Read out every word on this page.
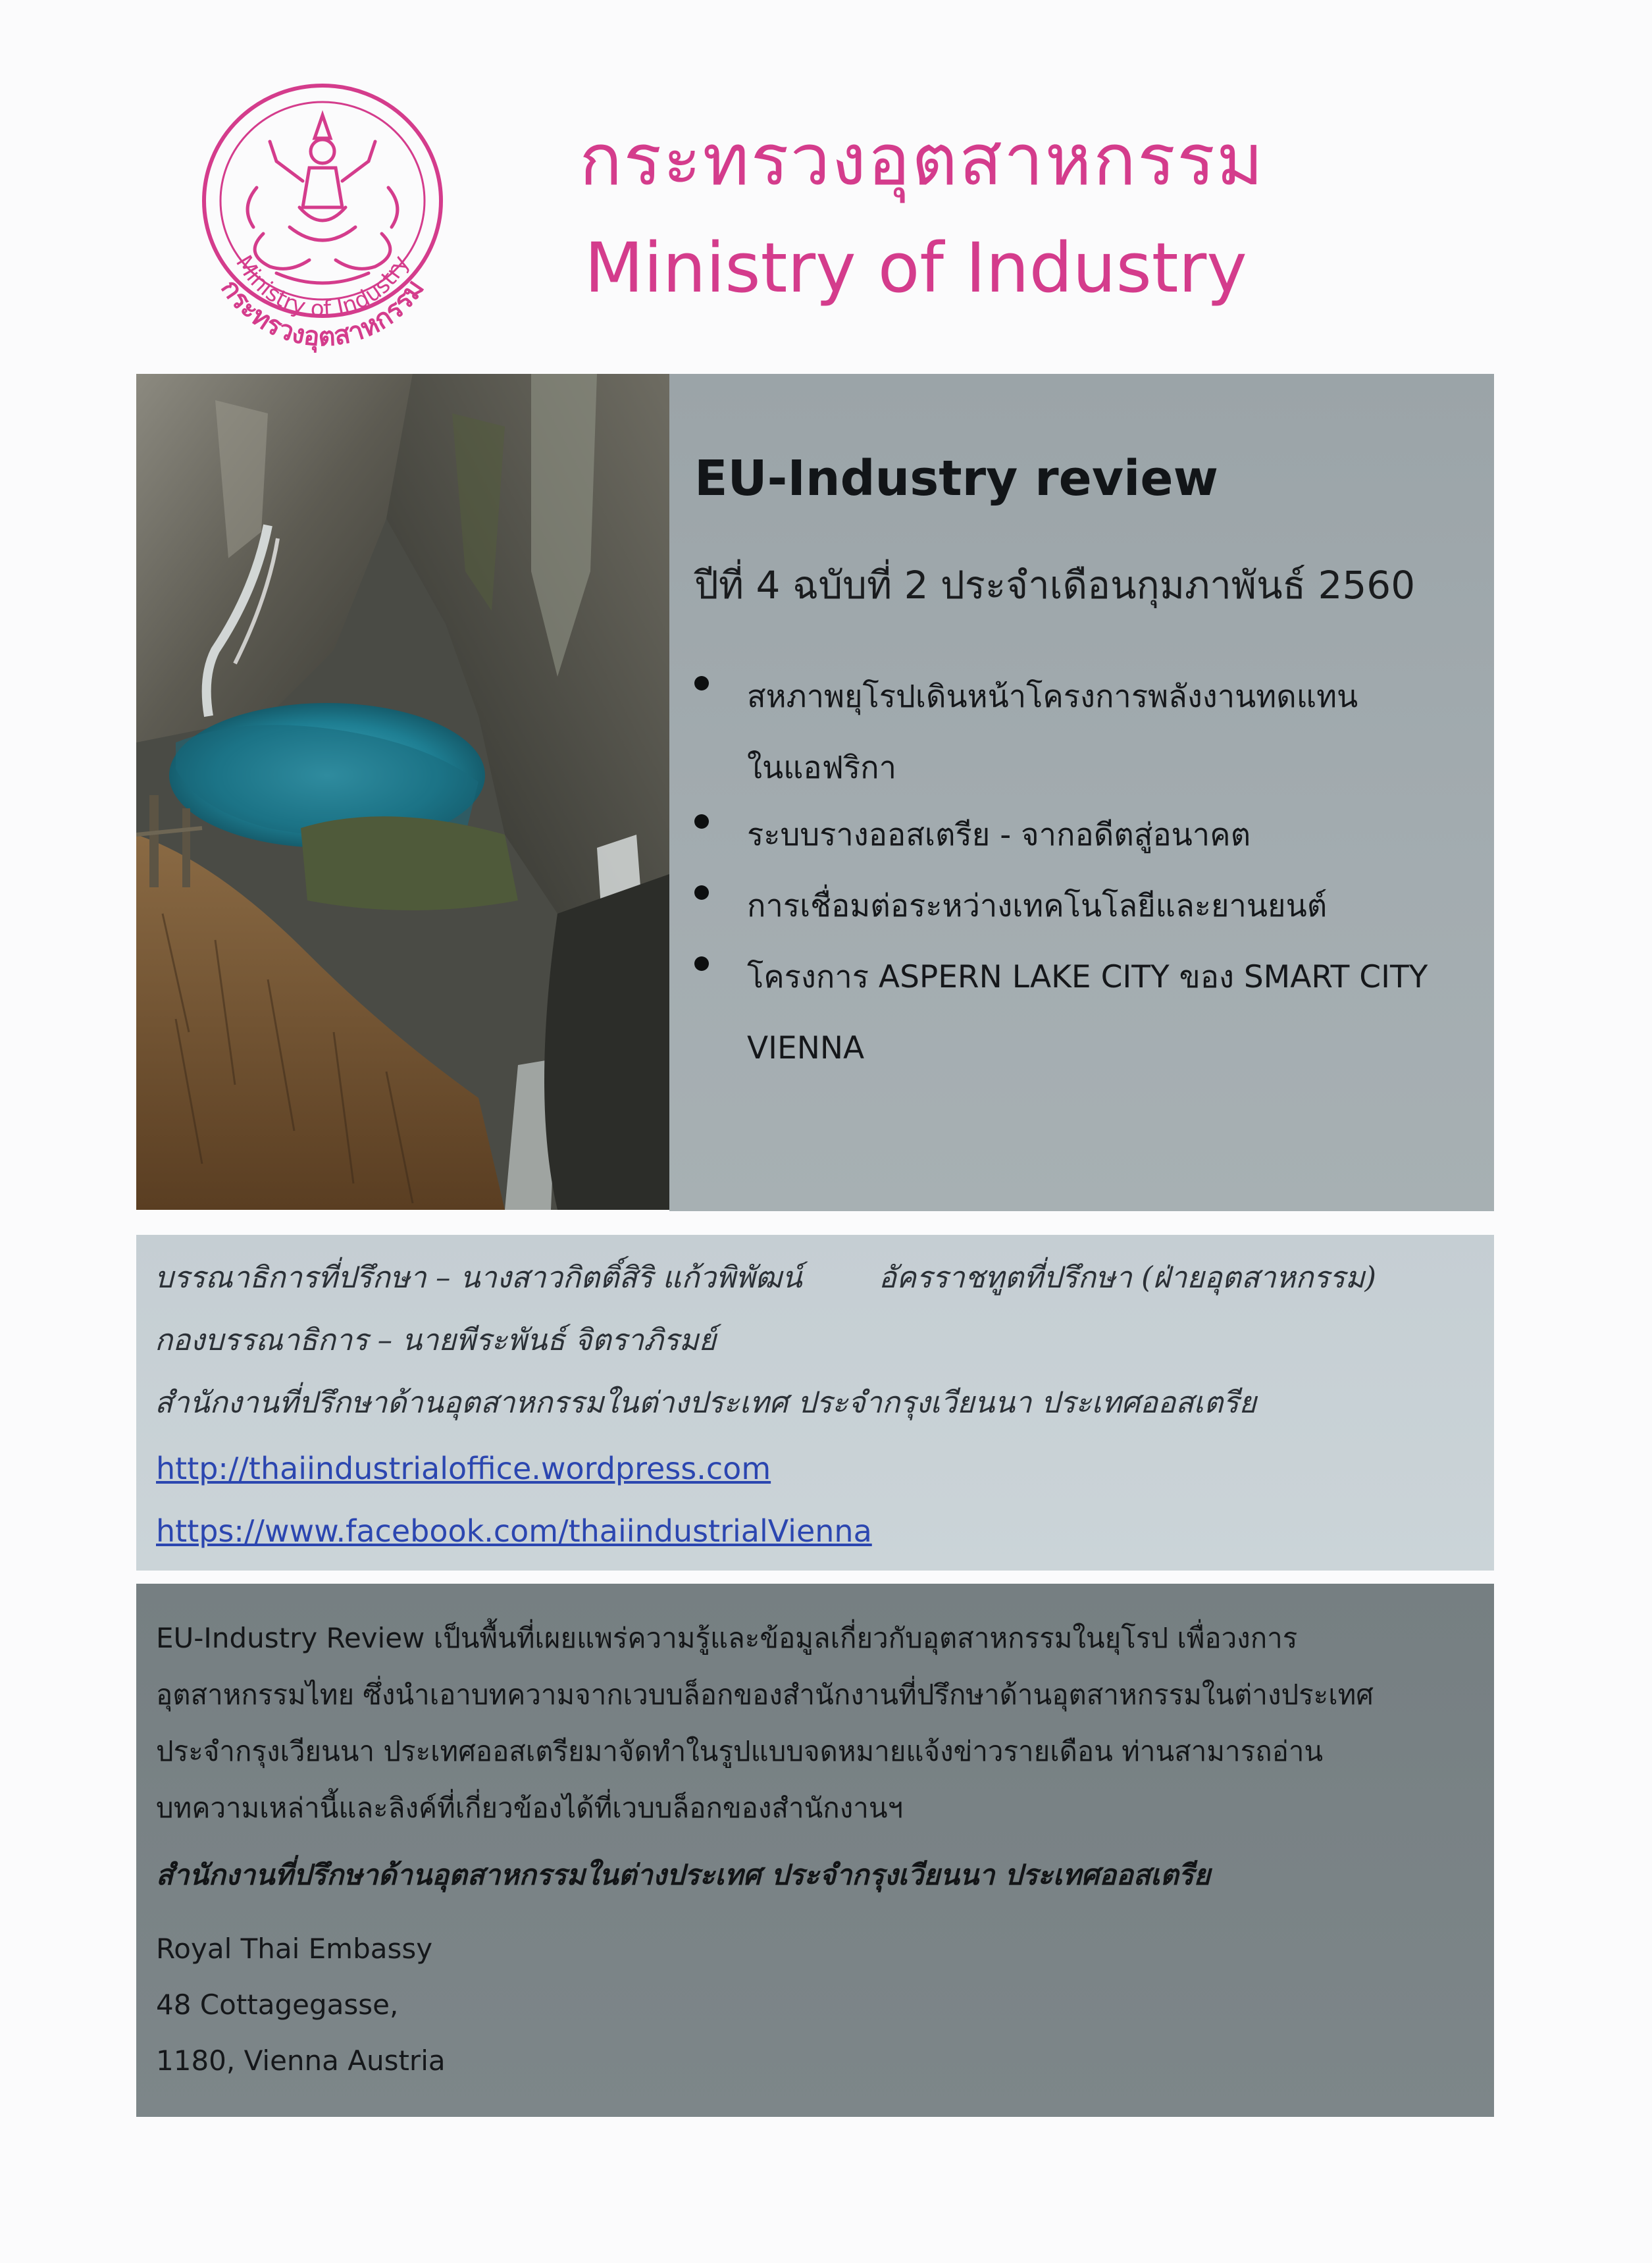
กระทรวงอุตสาหกรรม
Ministry of Industry
กระทรวงอุตสาหกรรม
Ministry of Industry
EU-Industry review
ปีที่ 4 ฉบับที่ 2 ประจำเดือนกุมภาพันธ์ 2560
สหภาพยุโรปเดินหน้าโครงการพลังงานทดแทน ในแอฟริกา
ระบบรางออสเตรีย - จากอดีตสู่อนาคต
การเชื่อมต่อระหว่างเทคโนโลยีและยานยนต์
โครงการ ASPERN LAKE CITY ของ SMART CITY VIENNA
บรรณาธิการที่ปรึกษา – นางสาวกิตติ์สิริ แก้วพิพัฒน์	อัครราชทูตที่ปรึกษา (ฝ่ายอุตสาหกรรม)
กองบรรณาธิการ – นายพีระพันธ์ จิตราภิรมย์
สำนักงานที่ปรึกษาด้านอุตสาหกรรมในต่างประเทศ ประจำกรุงเวียนนา ประเทศออสเตรีย
http://thaiindustrialoffice.wordpress.com
https://www.facebook.com/thaiindustrialVienna
EU-Industry Review เป็นพื้นที่เผยแพร่ความรู้และข้อมูลเกี่ยวกับอุตสาหกรรมในยุโรป เพื่อวงการ
อุตสาหกรรมไทย ซึ่งนำเอาบทความจากเวบบล็อกของสำนักงานที่ปรึกษาด้านอุตสาหกรรมในต่างประเทศ
ประจำกรุงเวียนนา ประเทศออสเตรียมาจัดทำในรูปแบบจดหมายแจ้งข่าวรายเดือน ท่านสามารถอ่าน
บทความเหล่านี้และลิงค์ที่เกี่ยวข้องได้ที่เวบบล็อกของสำนักงานฯ
สำนักงานที่ปรึกษาด้านอุตสาหกรรมในต่างประเทศ ประจำกรุงเวียนนา ประเทศออสเตรีย
Royal Thai Embassy
48 Cottagegasse,
1180, Vienna Austria
